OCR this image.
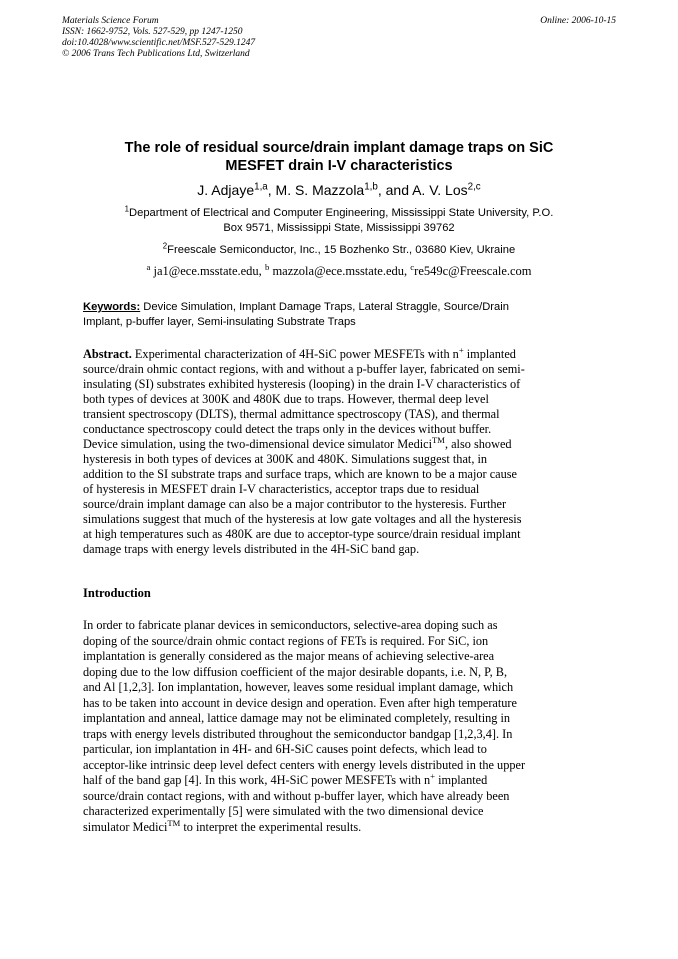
Materials Science Forum
ISSN: 1662-9752, Vols. 527-529, pp 1247-1250
doi:10.4028/www.scientific.net/MSF.527-529.1247
© 2006 Trans Tech Publications Ltd, Switzerland
Online: 2006-10-15
The role of residual source/drain implant damage traps on SiC
MESFET drain I-V characteristics
J. Adjaye$^{1,a}$, M. S. Mazzola$^{1,b}$, and A. V. Los$^{2,c}$
$^1$Department of Electrical and Computer Engineering, Mississippi State University, P.O.
Box 9571, Mississippi State, Mississippi 39762
$^2$Freescale Semiconductor, Inc., 15 Bozhenko Str., 03680 Kiev, Ukraine
$^a$ ja1@ece.msstate.edu, $^b$ mazzola@ece.msstate.edu, $^c$re549c@Freescale.com
Keywords: Device Simulation, Implant Damage Traps, Lateral Straggle, Source/Drain
Implant, p-buffer layer, Semi-insulating Substrate Traps
Abstract. Experimental characterization of 4H-SiC power MESFETs with n+ implanted
source/drain ohmic contact regions, with and without a p-buffer layer, fabricated on semi-
insulating (SI) substrates exhibited hysteresis (looping) in the drain I-V characteristics of
both types of devices at 300K and 480K due to traps. However, thermal deep level
transient spectroscopy (DLTS), thermal admittance spectroscopy (TAS), and thermal
conductance spectroscopy could detect the traps only in the devices without buffer.
Device simulation, using the two-dimensional device simulator Medici™, also showed
hysteresis in both types of devices at 300K and 480K. Simulations suggest that, in
addition to the SI substrate traps and surface traps, which are known to be a major cause
of hysteresis in MESFET drain I-V characteristics, acceptor traps due to residual
source/drain implant damage can also be a major contributor to the hysteresis. Further
simulations suggest that much of the hysteresis at low gate voltages and all the hysteresis
at high temperatures such as 480K are due to acceptor-type source/drain residual implant
damage traps with energy levels distributed in the 4H-SiC band gap.
Introduction
In order to fabricate planar devices in semiconductors, selective-area doping such as
doping of the source/drain ohmic contact regions of FETs is required. For SiC, ion
implantation is generally considered as the major means of achieving selective-area
doping due to the low diffusion coefficient of the major desirable dopants, i.e. N, P, B,
and Al [1,2,3]. Ion implantation, however, leaves some residual implant damage, which
has to be taken into account in device design and operation. Even after high temperature
implantation and anneal, lattice damage may not be eliminated completely, resulting in
traps with energy levels distributed throughout the semiconductor bandgap [1,2,3,4]. In
particular, ion implantation in 4H- and 6H-SiC causes point defects, which lead to
acceptor-like intrinsic deep level defect centers with energy levels distributed in the upper
half of the band gap [4]. In this work, 4H-SiC power MESFETs with n+ implanted
source/drain contact regions, with and without p-buffer layer, which have already been
characterized experimentally [5] were simulated with the two dimensional device
simulator Medici™ to interpret the experimental results.
